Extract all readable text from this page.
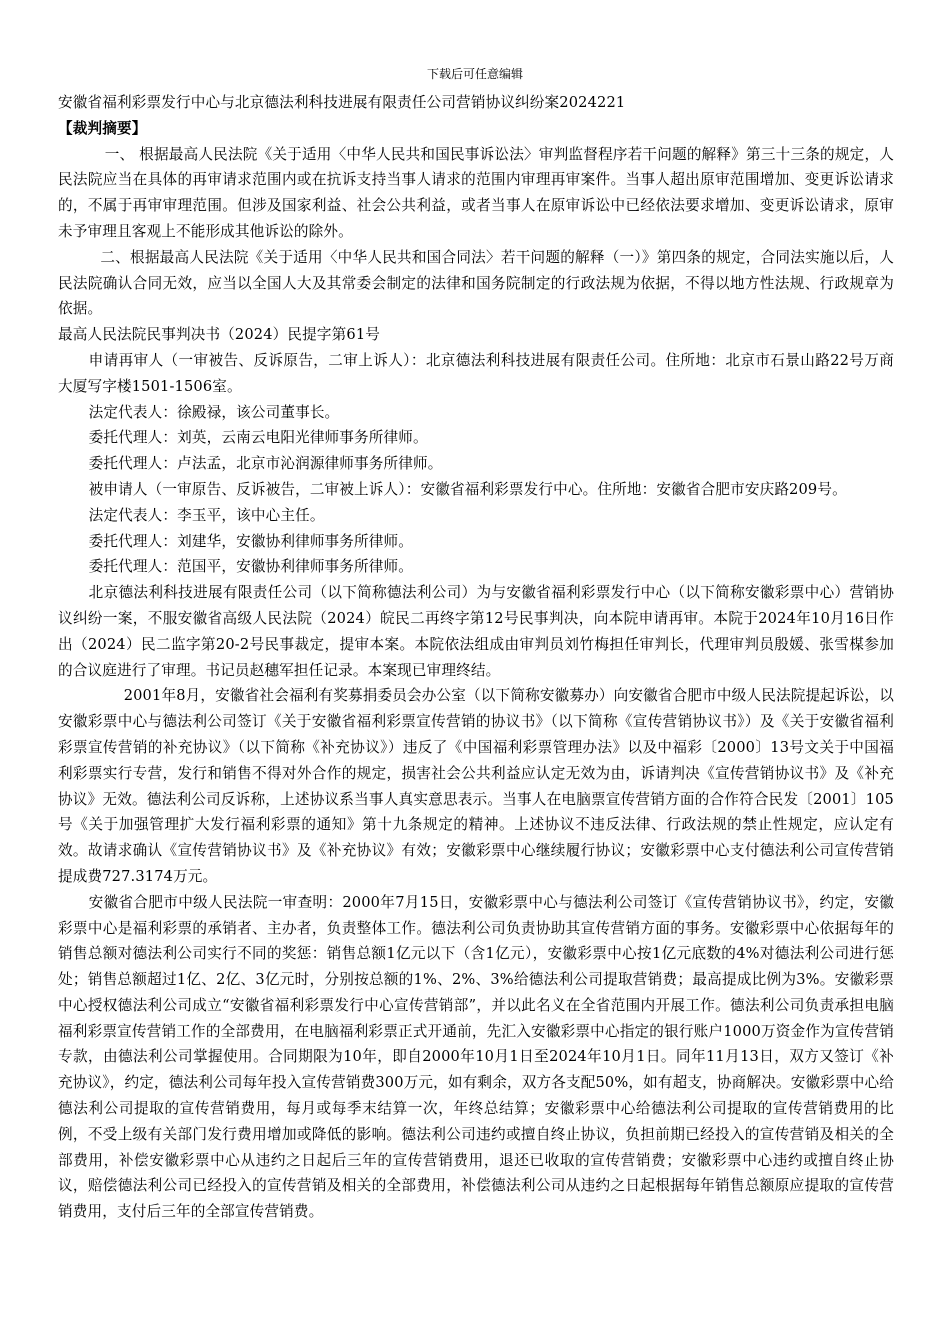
下载后可任意编辑

安徽省福利彩票发行中心与北京德法利科技进展有限责任公司营销协议纠纷案2024221

【裁判摘要】

一、 根据最高人民法院《关于适用〈中华人民共和国民事诉讼法〉审判监督程序若干问题的解释》第三十三条的规定，人民法院应当在具体的再审请求范围内或在抗诉支持当事人请求的范围内审理再审案件。当事人超出原审范围增加、变更诉讼请求的，不属于再审审理范围。但涉及国家利益、社会公共利益，或者当事人在原审诉讼中已经依法要求增加、变更诉讼请求，原审未予审理且客观上不能形成其他诉讼的除外。

二、根据最高人民法院《关于适用〈中华人民共和国合同法〉若干问题的解释（一）》第四条的规定，合同法实施以后，人民法院确认合同无效，应当以全国人大及其常委会制定的法律和国务院制定的行政法规为依据，不得以地方性法规、行政规章为依据。

最高人民法院民事判决书（2024）民提字第61号

申请再审人（一审被告、反诉原告，二审上诉人）：北京德法利科技进展有限责任公司。住所地：北京市石景山路22号万商大厦写字楼1501-1506室。

法定代表人：徐殿禄，该公司董事长。

委托代理人：刘英，云南云电阳光律师事务所律师。

委托代理人：卢法孟，北京市沁润源律师事务所律师。

被申请人（一审原告、反诉被告，二审被上诉人）：安徽省福利彩票发行中心。住所地：安徽省合肥市安庆路209号。

法定代表人：李玉平，该中心主任。

委托代理人：刘建华，安徽协利律师事务所律师。

委托代理人：范国平，安徽协利律师事务所律师。

北京德法利科技进展有限责任公司（以下简称德法利公司）为与安徽省福利彩票发行中心（以下简称安徽彩票中心）营销协议纠纷一案，不服安徽省高级人民法院（2024）皖民二再终字第12号民事判决，向本院申请再审。本院于2024年10月16日作出（2024）民二监字第20-2号民事裁定，提审本案。本院依法组成由审判员刘竹梅担任审判长，代理审判员殷媛、张雪楳参加的合议庭进行了审理。书记员赵穗军担任记录。本案现已审理终结。

2001年8月，安徽省社会福利有奖募捐委员会办公室（以下简称安徽募办）向安徽省合肥市中级人民法院提起诉讼，以安徽彩票中心与德法利公司签订《关于安徽省福利彩票宣传营销的协议书》（以下简称《宣传营销协议书》）及《关于安徽省福利彩票宣传营销的补充协议》（以下简称《补充协议》）违反了《中国福利彩票管理办法》以及中福彩〔2000〕13号文关于中国福利彩票实行专营，发行和销售不得对外合作的规定，损害社会公共利益应认定无效为由，诉请判决《宣传营销协议书》及《补充协议》无效。德法利公司反诉称，上述协议系当事人真实意思表示。当事人在电脑票宣传营销方面的合作符合民发〔2001〕105号《关于加强管理扩大发行福利彩票的通知》第十九条规定的精神。上述协议不违反法律、行政法规的禁止性规定，应认定有效。故请求确认《宣传营销协议书》及《补充协议》有效；安徽彩票中心继续履行协议；安徽彩票中心支付德法利公司宣传营销提成费727.3174万元。

安徽省合肥市中级人民法院一审查明：2000年7月15日，安徽彩票中心与德法利公司签订《宣传营销协议书》，约定，安徽彩票中心是福利彩票的承销者、主办者，负责整体工作。德法利公司负责协助其宣传营销方面的事务。安徽彩票中心依据每年的销售总额对德法利公司实行不同的奖惩：销售总额1亿元以下（含1亿元），安徽彩票中心按1亿元底数的4%对德法利公司进行惩处；销售总额超过1亿、2亿、3亿元时，分别按总额的1%、2%、3%给德法利公司提取营销费；最高提成比例为3%。安徽彩票中心授权德法利公司成立“安徽省福利彩票发行中心宣传营销部”，并以此名义在全省范围内开展工作。德法利公司负责承担电脑福利彩票宣传营销工作的全部费用，在电脑福利彩票正式开通前，先汇入安徽彩票中心指定的银行账户1000万资金作为宣传营销专款，由德法利公司掌握使用。合同期限为10年，即自2000年10月1日至2024年10月1日。同年11月13日，双方又签订《补充协议》，约定，德法利公司每年投入宣传营销费300万元，如有剩余，双方各支配50%，如有超支，协商解决。安徽彩票中心给德法利公司提取的宣传营销费用，每月或每季末结算一次，年终总结算；安徽彩票中心给德法利公司提取的宣传营销费用的比例，不受上级有关部门发行费用增加或降低的影响。德法利公司违约或擅自终止协议，负担前期已经投入的宣传营销及相关的全部费用，补偿安徽彩票中心从违约之日起后三年的宣传营销费用，退还已收取的宣传营销费；安徽彩票中心违约或擅自终止协议，赔偿德法利公司已经投入的宣传营销及相关的全部费用，补偿德法利公司从违约之日起根据每年销售总额原应提取的宣传营销费用，支付后三年的全部宣传营销费。
